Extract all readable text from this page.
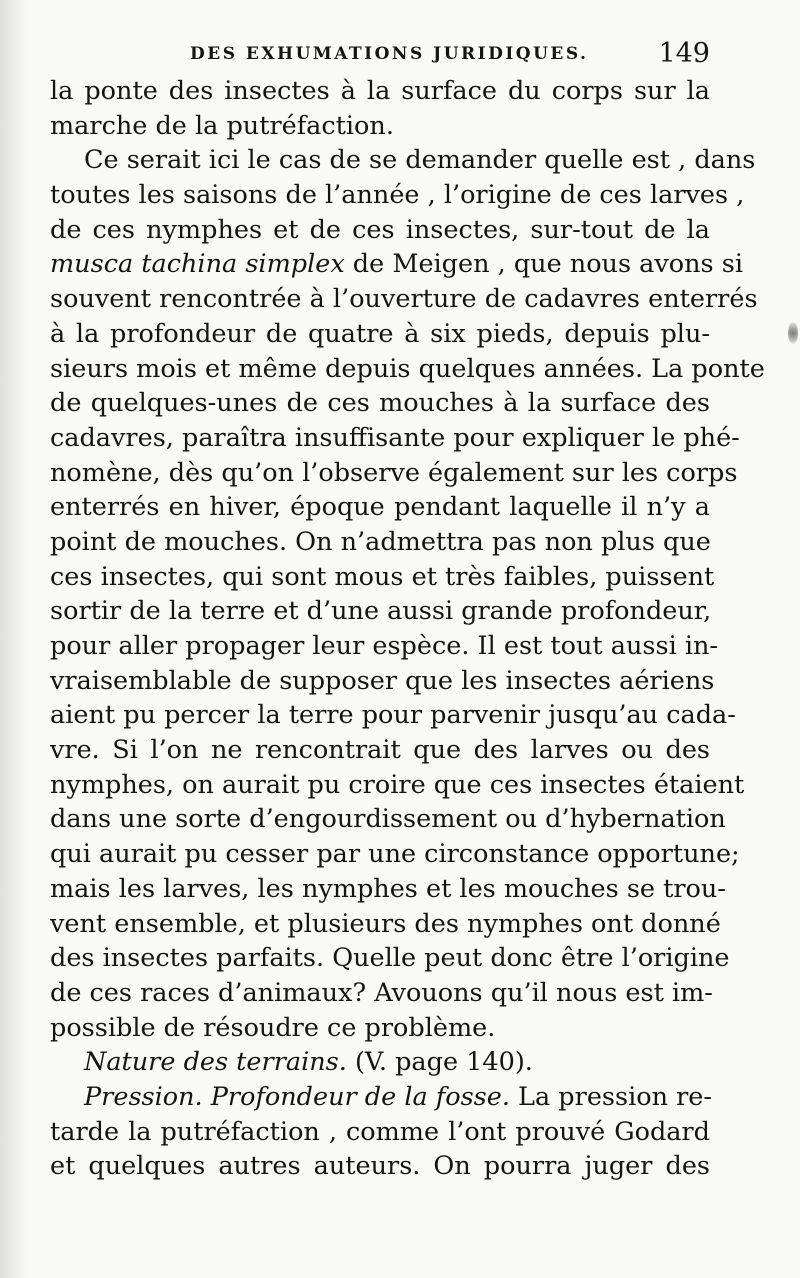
DES EXHUMATIONS JURIDIQUES.	149
la ponte des insectes à la surface du corps sur la
marche de la putréfaction.
Ce serait ici le cas de se demander quelle est , dans
toutes les saisons de l’année , l’origine de ces larves ,
de ces nymphes et de ces insectes, sur-tout de la
musca tachina simplex de Meigen , que nous avons si
souvent rencontrée à l’ouverture de cadavres enterrés
à la profondeur de quatre à six pieds, depuis plu-
sieurs mois et même depuis quelques années. La ponte
de quelques-unes de ces mouches à la surface des
cadavres, paraîtra insuffisante pour expliquer le phé-
nomène, dès qu’on l’observe également sur les corps
enterrés en hiver, époque pendant laquelle il n’y a
point de mouches. On n’admettra pas non plus que
ces insectes, qui sont mous et très faibles, puissent
sortir de la terre et d’une aussi grande profondeur,
pour aller propager leur espèce. Il est tout aussi in-
vraisemblable de supposer que les insectes aériens
aient pu percer la terre pour parvenir jusqu’au cada-
vre. Si l’on ne rencontrait que des larves ou des
nymphes, on aurait pu croire que ces insectes étaient
dans une sorte d’engourdissement ou d’hybernation
qui aurait pu cesser par une circonstance opportune;
mais les larves, les nymphes et les mouches se trou-
vent ensemble, et plusieurs des nymphes ont donné
des insectes parfaits. Quelle peut donc être l’origine
de ces races d’animaux? Avouons qu’il nous est im-
possible de résoudre ce problème.
Nature des terrains. (V. page 140).
Pression. Profondeur de la fosse. La pression re-
tarde la putréfaction , comme l’ont prouvé Godard
et quelques autres auteurs. On pourra juger des
